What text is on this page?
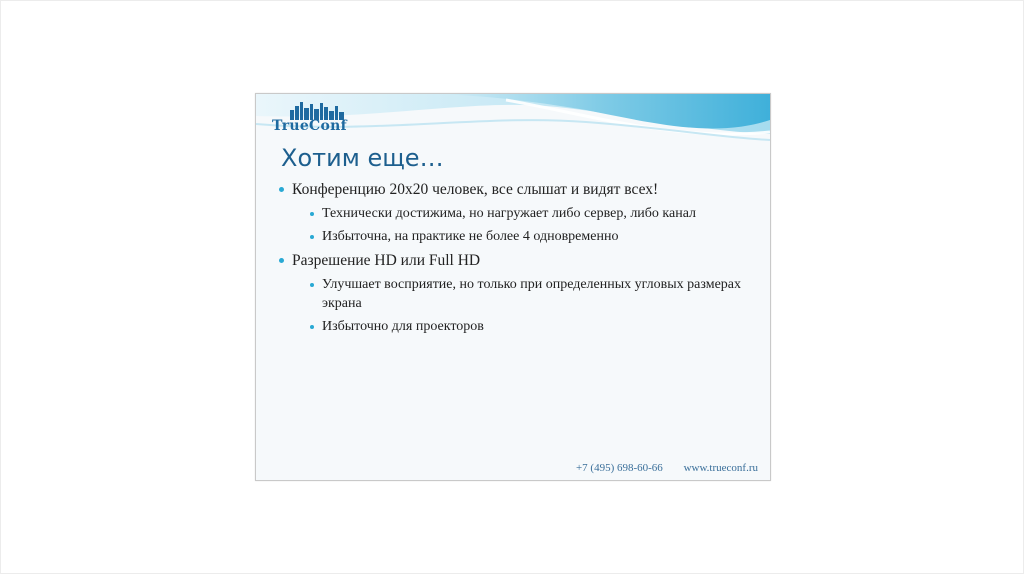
TrueConf
Хотим еще…
Конференцию 20х20 человек, все слышат и видят всех!
Технически достижима, но нагружает либо сервер, либо канал
Избыточна, на практике не более 4 одновременно
Разрешение HD или Full HD
Улучшает восприятие, но только при определенных угловых размерах экрана
Избыточно для проекторов
+7 (495) 698-60-66 www.trueconf.ru
